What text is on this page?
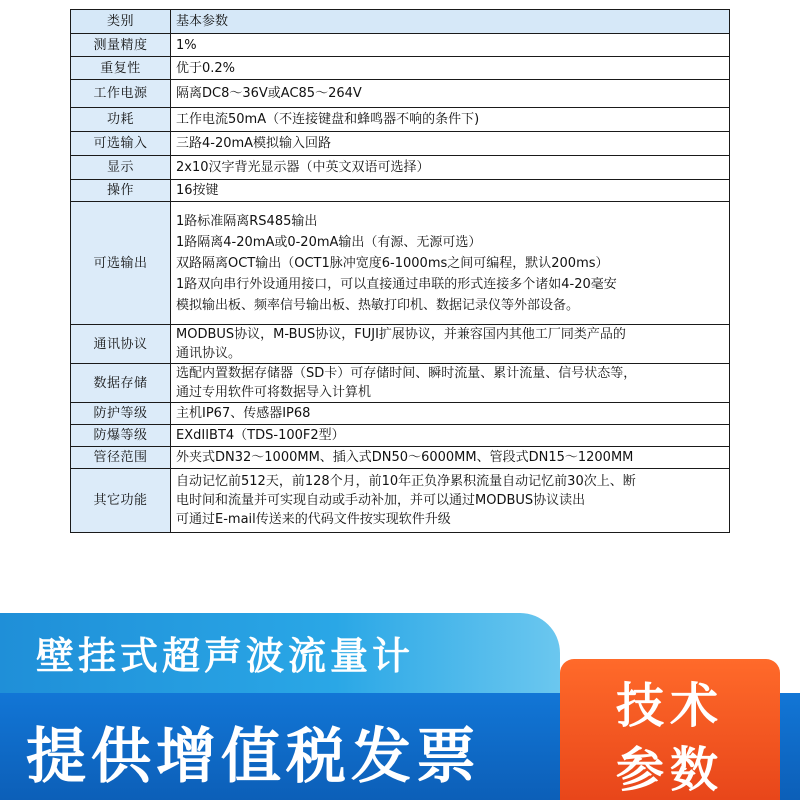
类别	基本参数
测量精度	1%

重复性	优于0.2%

工作电源	隔离DC8～36V或AC85～264V

功耗	工作电流50mA（不连接键盘和蜂鸣器不响的条件下)

可选输入	三路4-20mA模拟输入回路

显示	2x10汉字背光显示器（中英文双语可选择）

操作	16按键

可选输出	1路标准隔离RS485输出
1路隔离4-20mA或0-20mA输出（有源、无源可选）
双路隔离OCT输出（OCT1脉冲宽度6-1000ms之间可编程，默认200ms）
1路双向串行外设通用接口，可以直接通过串联的形式连接多个诸如4-20毫安
模拟输出板、频率信号输出板、热敏打印机、数据记录仪等外部设备。

通讯协议	MODBUS协议，M-BUS协议，FUJI扩展协议，并兼容国内其他工厂同类产品的
通讯协议。

数据存储	选配内置数据存储器（SD卡）可存储时间、瞬时流量、累计流量、信号状态等，
通过专用软件可将数据导入计算机

防护等级	主机IP67、传感器IP68

防爆等级	EXdIIBT4（TDS-100F2型）

管径范围	外夹式DN32～1000MM、插入式DN50～6000MM、管段式DN15～1200MM

其它功能	自动记忆前512天，前128个月，前10年正负净累积流量自动记忆前30次上、断
电时间和流量并可实现自动或手动补加，并可以通过MODBUS协议读出
可通过E-mail传送来的代码文件按实现软件升级
壁挂式超声波流量计
提供增值税发票
技术
参数
